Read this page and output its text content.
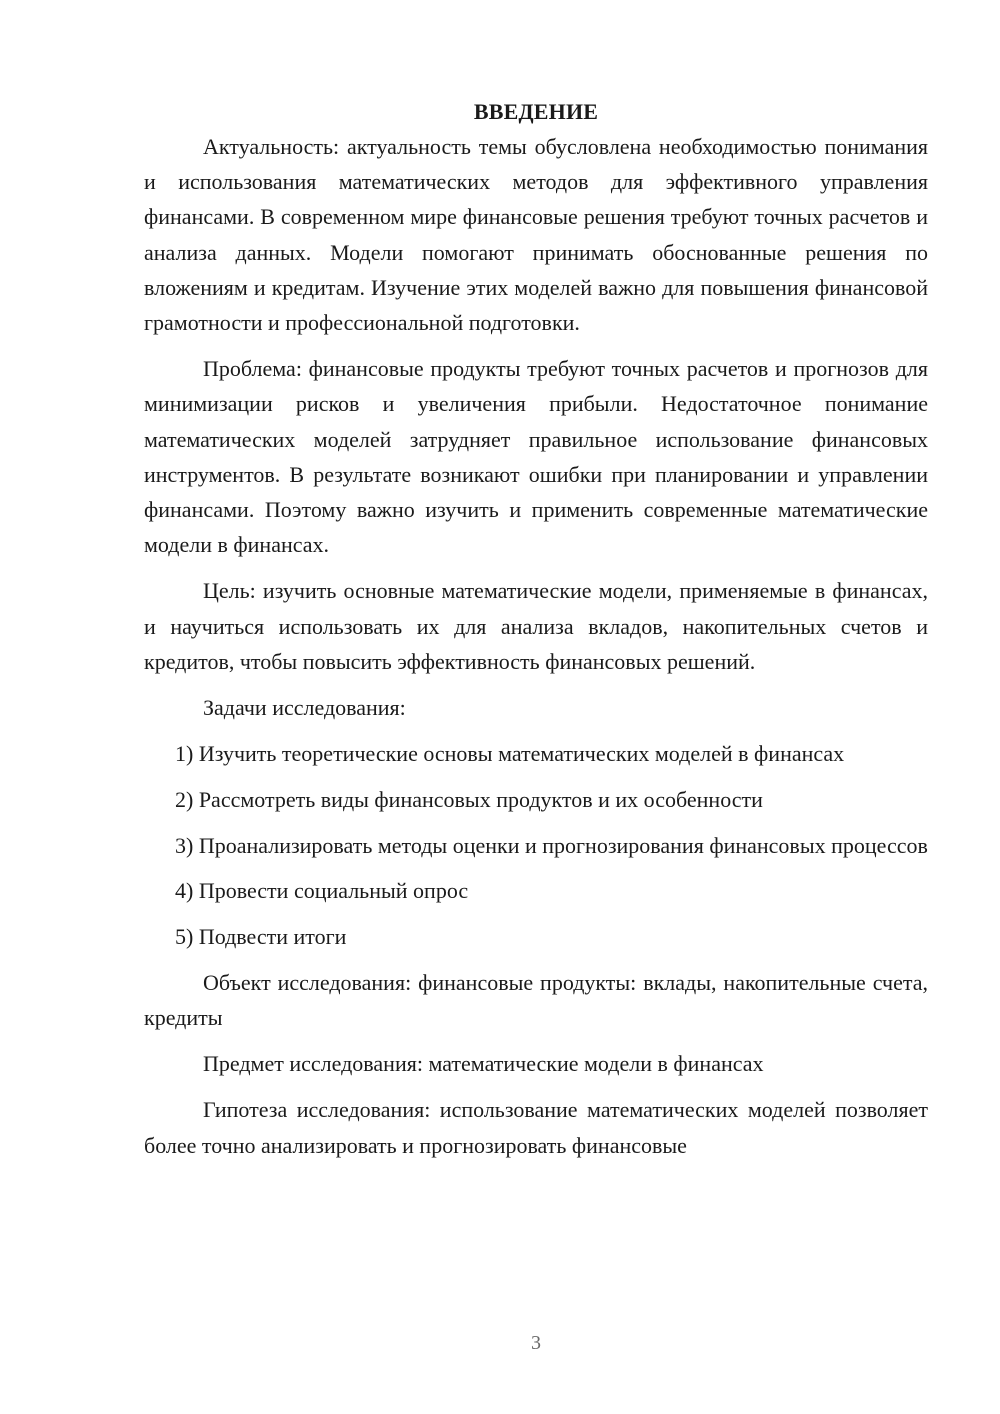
ВВЕДЕНИЕ

Актуальность: актуальность темы обусловлена необходимостью понимания и использования математических методов для эффективного управления финансами. В современном мире финансовые решения требуют точных расчетов и анализа данных. Модели помогают принимать обоснованные решения по вложениям и кредитам. Изучение этих моделей важно для повышения финансовой грамотности и профессиональной подготовки.

Проблема: финансовые продукты требуют точных расчетов и прогнозов для минимизации рисков и увеличения прибыли. Недостаточное понимание математических моделей затрудняет правильное использование финансовых инструментов. В результате возникают ошибки при планировании и управлении финансами. Поэтому важно изучить и применить современные математические модели в финансах.

Цель: изучить основные математические модели, применяемые в финансах, и научиться использовать их для анализа вкладов, накопительных счетов и кредитов, чтобы повысить эффективность финансовых решений.

Задачи исследования:

1) Изучить теоретические основы математических моделей в финансах

2) Рассмотреть виды финансовых продуктов и их особенности

3) Проанализировать методы оценки и прогнозирования финансовых процессов

4) Провести социальный опрос

5) Подвести итоги

Объект исследования: финансовые продукты: вклады, накопительные счета, кредиты

Предмет исследования: математические модели в финансах

Гипотеза исследования: использование математических моделей позволяет более точно анализировать и прогнозировать финансовые

3
